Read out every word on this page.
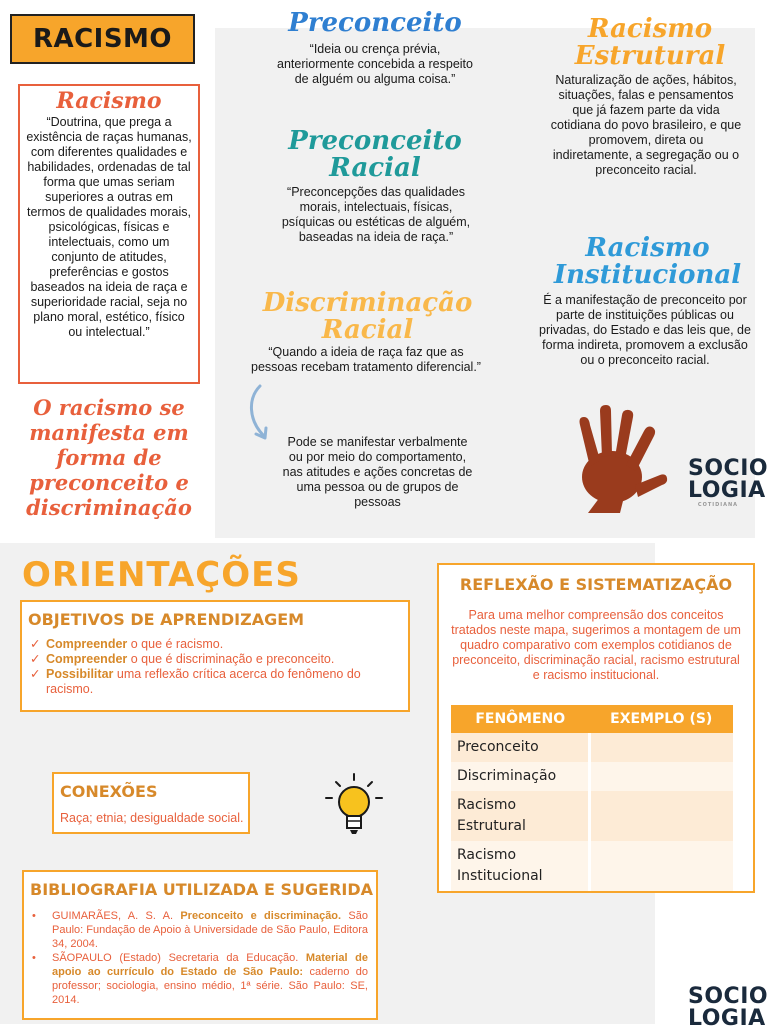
RACISMO
Racismo
“Doutrina, que prega a existência de raças humanas, com diferentes qualidades e habilidades, ordenadas de tal forma que umas seriam superiores a outras em termos de qualidades morais, psicológicas, físicas e intelectuais, como um conjunto de atitudes, preferências e gostos baseados na ideia de raça e superioridade racial, seja no plano moral, estético, físico ou intelectual.”
O racismo se manifesta em forma de preconceito e discriminação
Preconceito
“Ideia ou crença prévia, anteriormente concebida a respeito de alguém ou alguma coisa.”
Preconceito
Racial
“Preconcepções das qualidades morais, intelectuais, físicas, psíquicas ou estéticas de alguém, baseadas na ideia de raça.”
Discriminação
Racial
“Quando a ideia de raça faz que as pessoas recebam tratamento diferencial.”
Pode se manifestar verbalmente ou por meio do comportamento, nas atitudes e ações concretas de uma pessoa ou de grupos de pessoas
Racismo
Estrutural
Naturalização de ações, hábitos, situações, falas e pensamentos que já fazem parte da vida cotidiana do povo brasileiro, e que promovem, direta ou indiretamente, a segregação ou o preconceito racial.
Racismo
Institucional
É a manifestação de preconceito por parte de instituições públicas ou privadas, do Estado e das leis que, de forma indireta, promovem a exclusão ou o preconceito racial.
SOCIO
LOGIA
COTIDIANA
ORIENTAÇÕES
OBJETIVOS DE APRENDIZAGEM
✓ Compreender o que é racismo.
✓ Compreender o que é discriminação e preconceito.
✓ Possibilitar uma reflexão crítica acerca do fenômeno do racismo.
CONEXÕES
Raça; etnia; desigualdade social.
BIBLIOGRAFIA UTILIZADA E SUGERIDA
•	GUIMARÃES, A. S. A. Preconceito e discriminação. São Paulo: Fundação de Apoio à Universidade de São Paulo, Editora 34, 2004.
•	SÃOPAULO (Estado) Secretaria da Educação. Material de apoio ao currículo do Estado de São Paulo: caderno do professor; sociologia, ensino médio, 1ª série. São Paulo: SE, 2014.
REFLEXÃO E SISTEMATIZAÇÃO
Para uma melhor compreensão dos conceitos tratados neste mapa, sugerimos a montagem de um quadro comparativo com exemplos cotidianos de preconceito, discriminação racial, racismo estrutural e racismo institucional.
FENÔMENO	EXEMPLO (S)
Preconceito	
Discriminação	
Racismo Estrutural	
Racismo Institucional	
SOCIO
LOGIA
